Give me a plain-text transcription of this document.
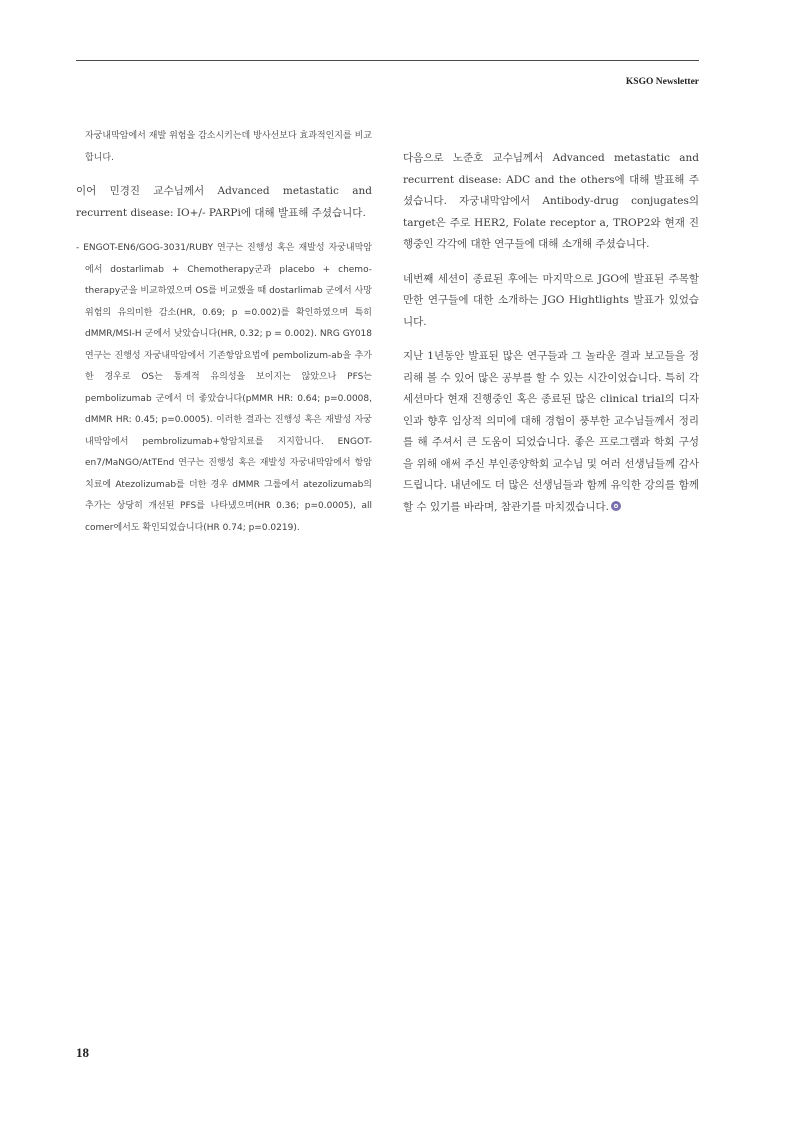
KSGO Newsletter
자궁내막암에서 재발 위험을 감소시키는데 방사선보다 효과적인지를 비교합니다.
이어 민경진 교수님께서 Advanced metastatic and recurrent disease: IO+/- PARPi에 대해 발표해 주셨습니다.
- ENGOT-EN6/GOG-3031/RUBY 연구는 진행성 혹은 재발성 자궁내막암에서 dostarlimab + Chemotherapy군과 placebo + chemo-therapy군을 비교하였으며 OS를 비교했을 때 dostarlimab 군에서 사망 위험의 유의미한 감소(HR, 0.69; p =0.002)를 확인하였으며 특히 dMMR/MSI-H 군에서 낮았습니다(HR, 0.32; p = 0.002). NRG GY018 연구는 진행성 자궁내막암에서 기존항암요법에 pembolizum-ab을 추가한 경우로 OS는 통계적 유의성을 보이지는 않았으나 PFS는 pembolizumab 군에서 더 좋았습니다(pMMR HR: 0.64; p=0.0008, dMMR HR: 0.45; p=0.0005). 이러한 결과는 진행성 혹은 재발성 자궁내막암에서 pembrolizumab+항암치료를 지지합니다. ENGOT-en7/MaNGO/AtTEnd 연구는 진행성 혹은 재발성 자궁내막암에서 항암치료에 Atezolizumab를 더한 경우 dMMR 그룹에서 atezolizumab의 추가는 상당히 개선된 PFS를 나타냈으며(HR 0.36; p=0.0005), all comer에서도 확인되었습니다(HR 0.74; p=0.0219).
다음으로 노준호 교수님께서 Advanced metastatic and recurrent disease: ADC and the others에 대해 발표해 주셨습니다. 자궁내막암에서 Antibody-drug conjugates의 target은 주로 HER2, Folate receptor a, TROP2와 현재 진행중인 각각에 대한 연구들에 대해 소개해 주셨습니다.
네번째 세션이 종료된 후에는 마지막으로 JGO에 발표된 주목할만한 연구들에 대한 소개하는 JGO Hightlights 발표가 있었습니다.
지난 1년동안 발표된 많은 연구들과 그 놀라운 결과 보고들을 정리해 볼 수 있어 많은 공부를 할 수 있는 시간이었습니다. 특히 각 세션마다 현재 진행중인 혹은 종료된 많은 clinical trial의 디자인과 향후 임상적 의미에 대해 경험이 풍부한 교수님들께서 정리를 해 주셔서 큰 도움이 되었습니다. 좋은 프로그램과 학회 구성을 위해 애써 주신 부인종양학회 교수님 및 여러 선생님들께 감사드립니다. 내년에도 더 많은 선생님들과 함께 유익한 강의를 함께할 수 있기를 바라며, 참관기를 마치겠습니다.
18
